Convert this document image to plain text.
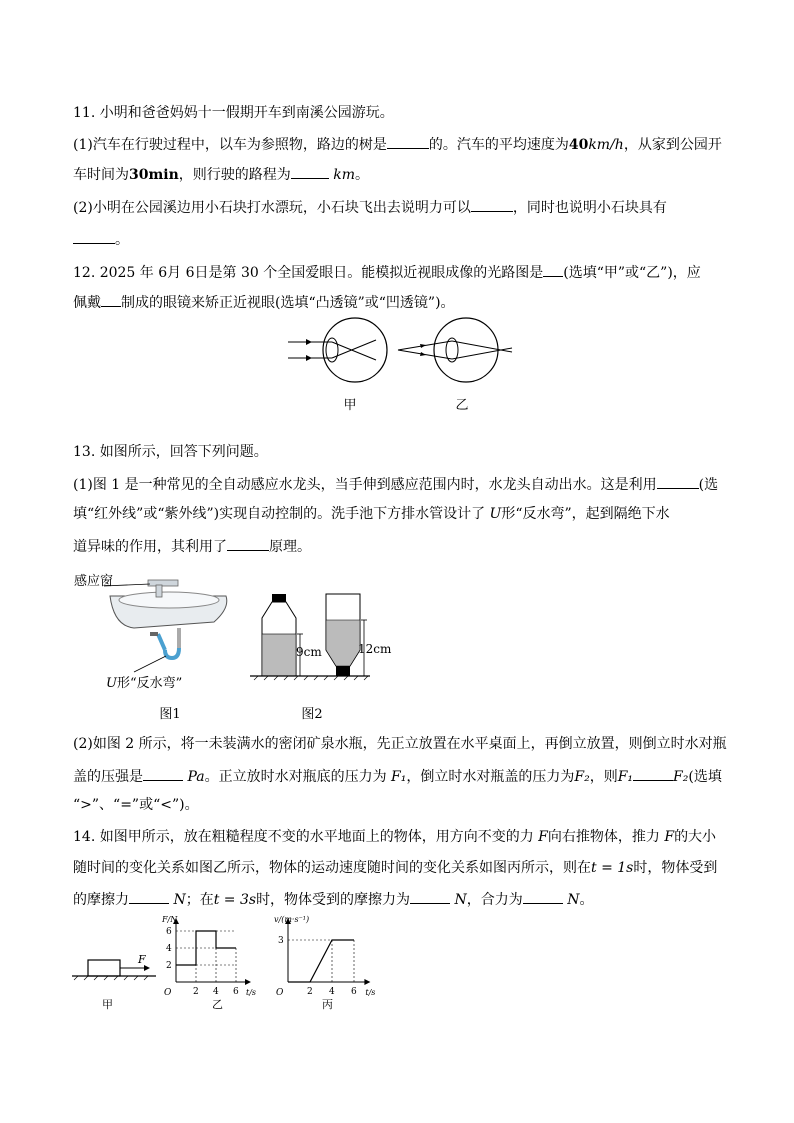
11. 小明和爸爸妈妈十一假期开车到南溪公园游玩。
(1)汽车在行驶过程中，以车为参照物，路边的树是	的。汽车的平均速度为40km/h，从家到公园开
车时间为30min，则行驶的路程为	km。
(2)小明在公园溪边用小石块打水漂玩，小石块飞出去说明力可以	，同时也说明小石块具有
。
12. 2025 年 6月 6日是第 30 个全国爱眼日。能模拟近视眼成像的光路图是 (选填“甲”或“乙”)，应
佩戴 制成的眼镜来矫正近视眼(选填“凸透镜”或“凹透镜”)。
甲	乙
13. 如图所示，回答下列问题。
(1)图 1 是一种常见的全自动感应水龙头，当手伸到感应范围内时，水龙头自动出水。这是利用	(选
填“红外线”或“紫外线”)实现自动控制的。洗手池下方排水管设计了 U形“反水弯”，起到隔绝下水
道异味的作用，其利用了	原理。
感应窗
U形“反水弯”
图1
9cm	12cm
图2
(2)如图 2 所示，将一未装满水的密闭矿泉水瓶，先正立放置在水平桌面上，再倒立放置，则倒立时水对瓶
盖的压强是	Pa。正立放时水对瓶底的压力为 F₁，倒立时水对瓶盖的压力为F₂，则F₁	F₂(选填
“>”、“=”或“<”)。
14. 如图甲所示，放在粗糙程度不变的水平地面上的物体，用方向不变的力 F向右推物体，推力 F的大小
随时间的变化关系如图乙所示，物体的运动速度随时间的变化关系如图丙所示，则在t = 1s时，物体受到
的摩擦力	N；在t = 3s时，物体受到的摩擦力为	N，合力为	N。
F
甲
O
F/N
t/s
2 4 6
2
4
6
乙
O
v/(m·s⁻¹)
t/s
2 4 6
3
丙
